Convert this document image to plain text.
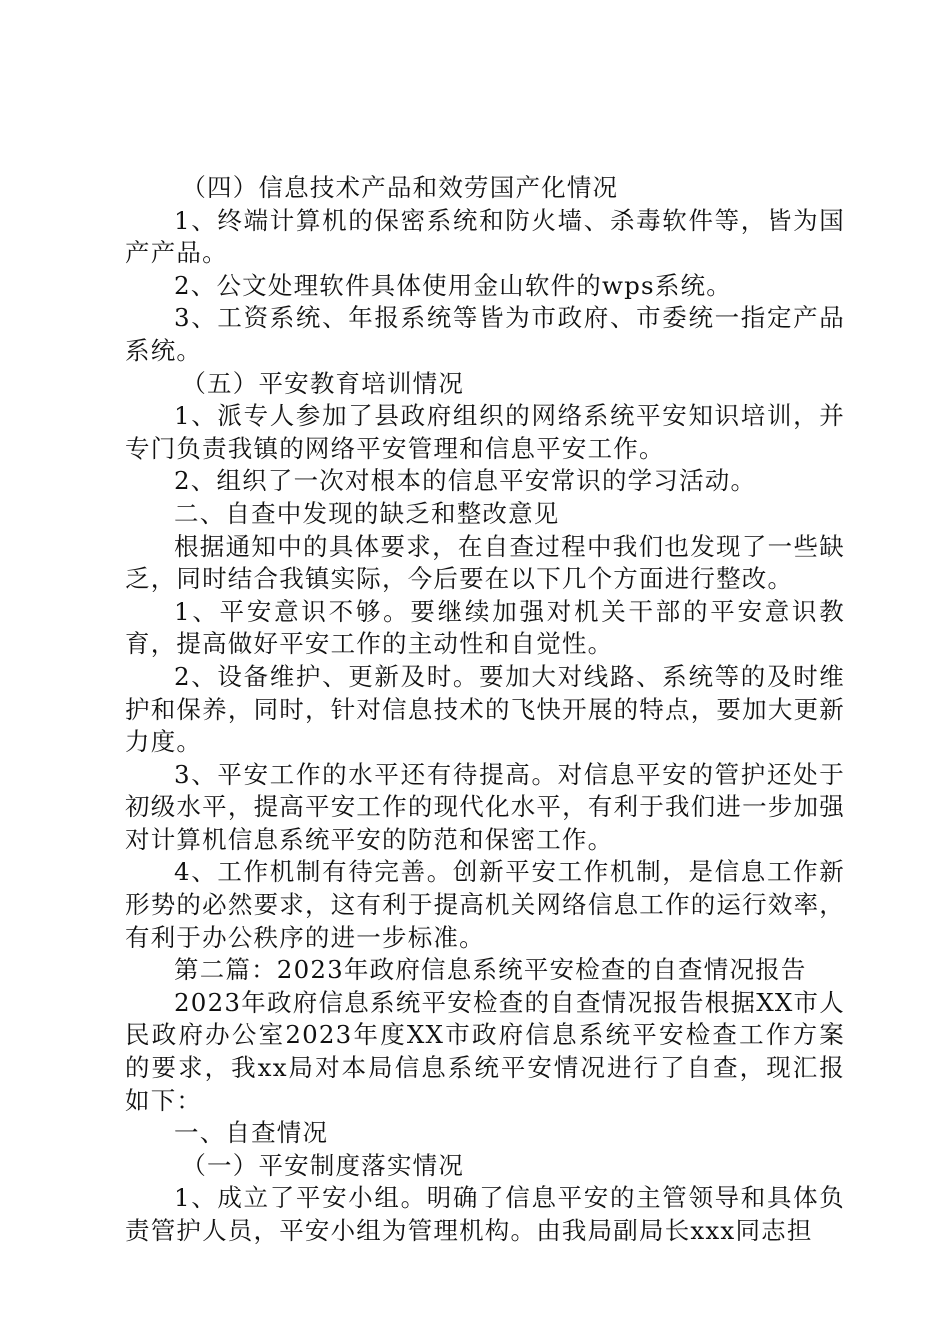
（四）信息技术产品和效劳国产化情况

1、终端计算机的保密系统和防火墙、杀毒软件等，皆为国产产品。

2、公文处理软件具体使用金山软件的wps系统。

3、工资系统、年报系统等皆为市政府、市委统一指定产品系统。

（五）平安教育培训情况

1、派专人参加了县政府组织的网络系统平安知识培训，并专门负责我镇的网络平安管理和信息平安工作。

2、组织了一次对根本的信息平安常识的学习活动。

二、自查中发现的缺乏和整改意见

根据通知中的具体要求，在自查过程中我们也发现了一些缺乏，同时结合我镇实际，今后要在以下几个方面进行整改。

1、平安意识不够。要继续加强对机关干部的平安意识教育，提高做好平安工作的主动性和自觉性。

2、设备维护、更新及时。要加大对线路、系统等的及时维护和保养，同时，针对信息技术的飞快开展的特点，要加大更新力度。

3、平安工作的水平还有待提高。对信息平安的管护还处于初级水平，提高平安工作的现代化水平，有利于我们进一步加强对计算机信息系统平安的防范和保密工作。

4、工作机制有待完善。创新平安工作机制，是信息工作新形势的必然要求，这有利于提高机关网络信息工作的运行效率，有利于办公秩序的进一步标准。

第二篇：2023年政府信息系统平安检查的自查情况报告

2023年政府信息系统平安检查的自查情况报告根据XX市人民政府办公室2023年度XX市政府信息系统平安检查工作方案的要求，我xx局对本局信息系统平安情况进行了自查，现汇报如下：

一、自查情况

（一）平安制度落实情况

1、成立了平安小组。明确了信息平安的主管领导和具体负责管护人员，平安小组为管理机构。由我局副局长xxx同志担
